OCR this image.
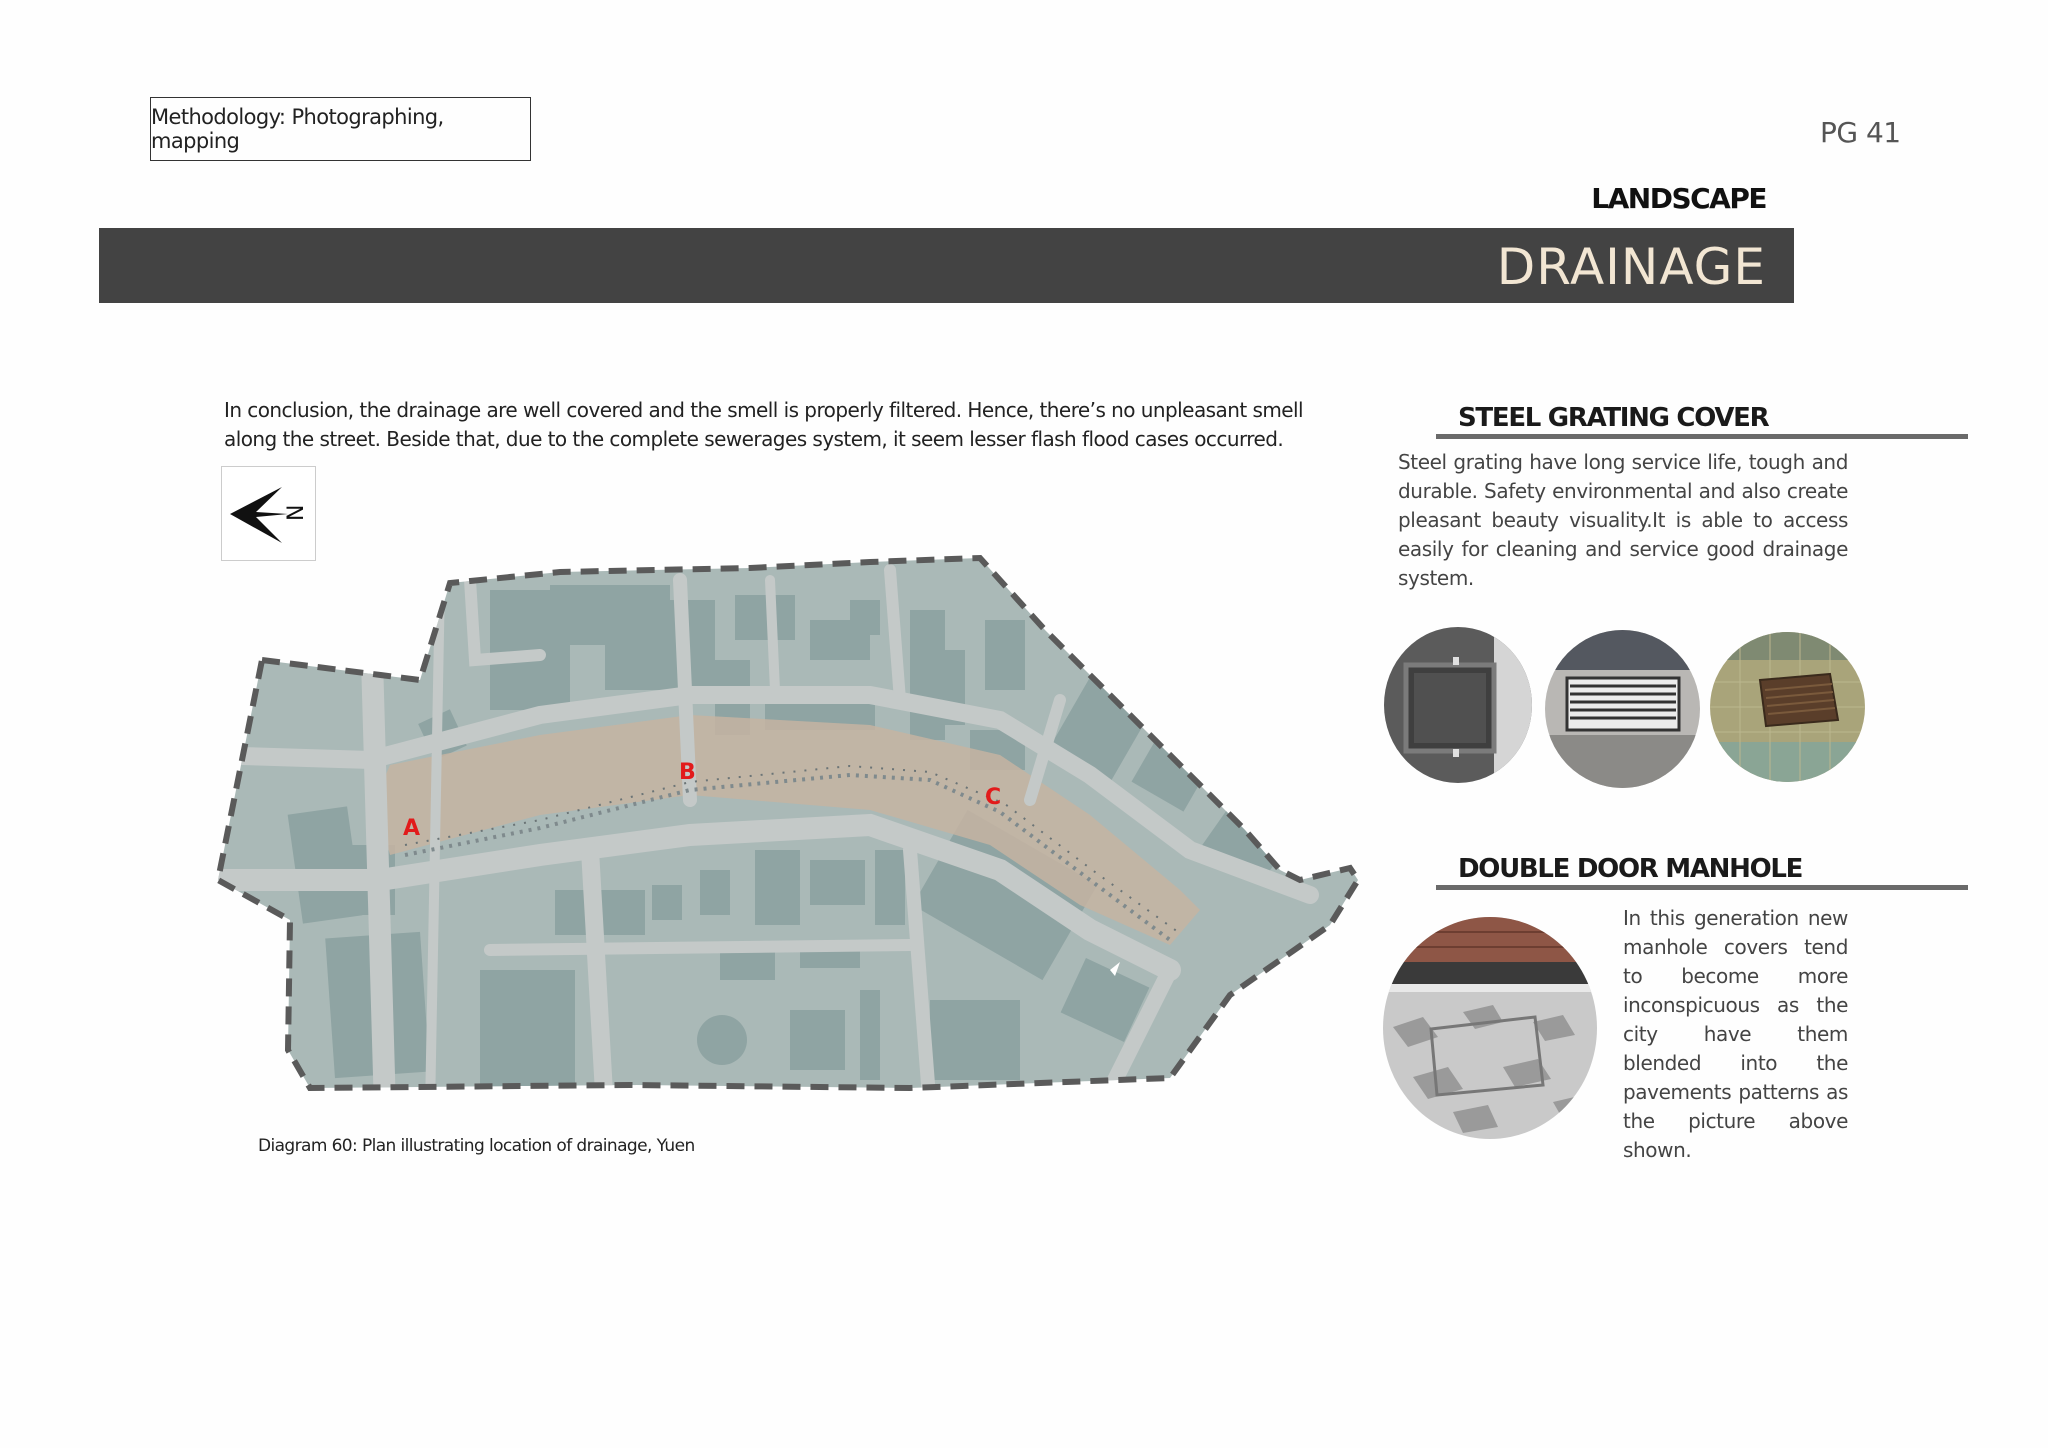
Methodology: Photographing, mapping	PG 41
LANDSCAPE
DRAINAGE
In conclusion, the drainage are well covered and the smell is properly filtered. Hence, there’s no unpleasant smell along the street. Beside that, due to the complete sewerages system, it seem lesser flash flood cases occurred.
N
A
B
C
Diagram 60: Plan illustrating location of drainage, Yuen
STEEL GRATING COVER
Steel grating have long service life, tough and durable. Safety environmental and also create pleasant beauty visuality.It is able to access easily for cleaning and service good drainage system.
DOUBLE DOOR MANHOLE
In this generation new manhole covers tend to become more inconspicuous as the city have them blended into the pavements patterns as the picture above shown.
